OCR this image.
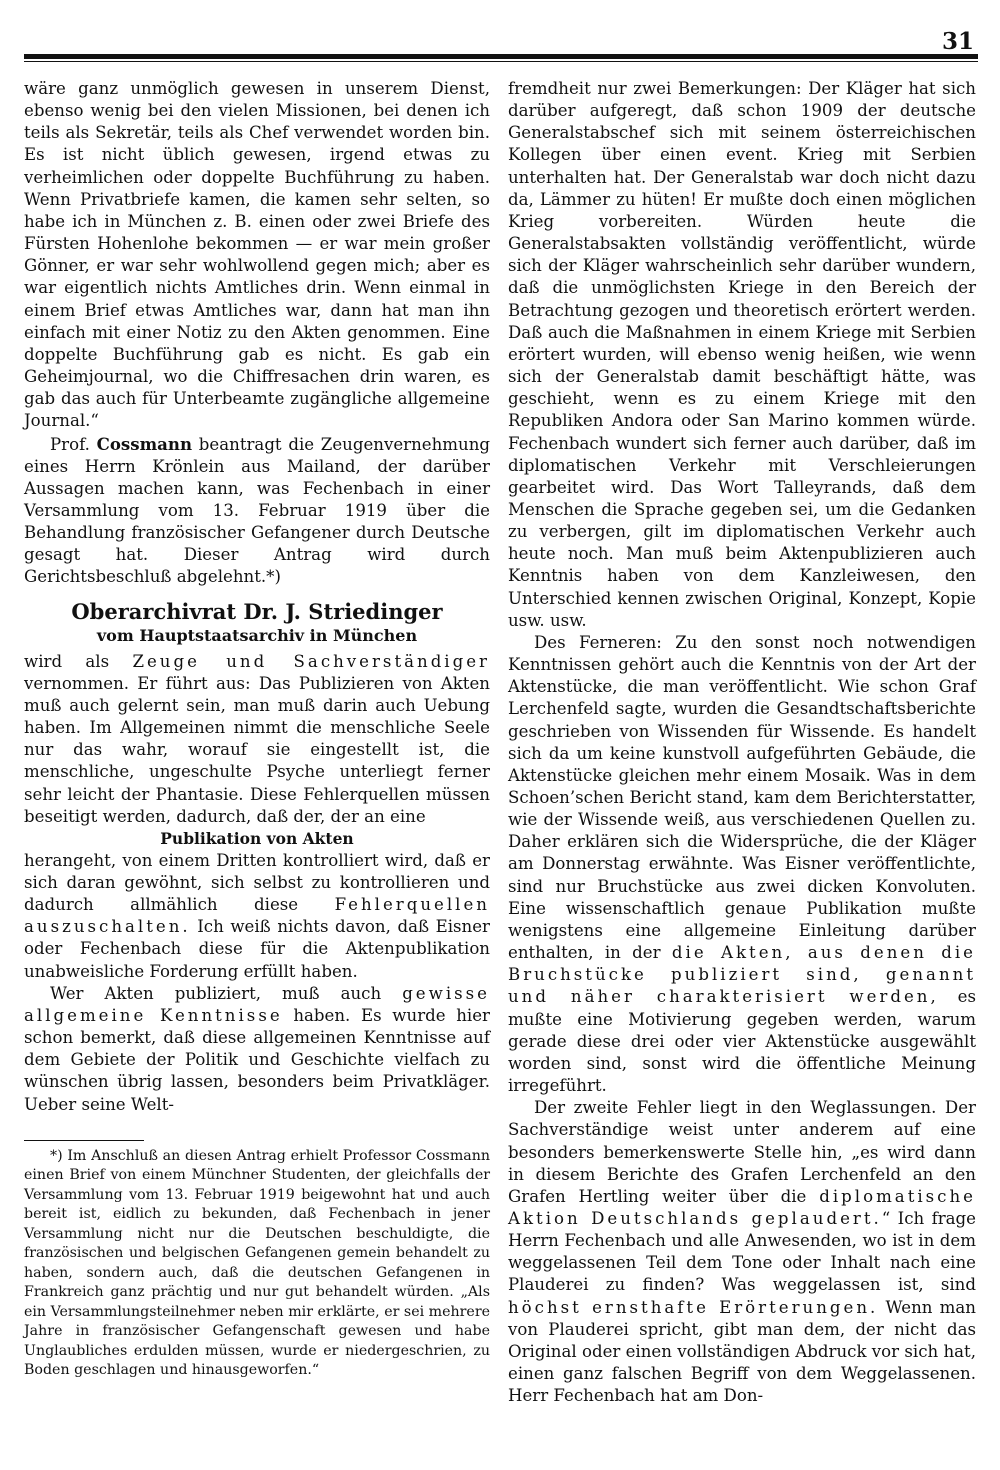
31

wäre ganz unmöglich gewesen in unserem Dienst, ebenso wenig bei den vielen Missionen, bei denen ich teils als Sekretär, teils als Chef verwendet worden bin. Es ist nicht üblich gewesen, irgend etwas zu verheimlichen oder doppelte Buchführung zu haben. Wenn Privatbriefe kamen, die kamen sehr selten, so habe ich in München z. B. einen oder zwei Briefe des Fürsten Hohenlohe bekommen — er war mein großer Gönner, er war sehr wohlwollend gegen mich; aber es war eigentlich nichts Amtliches drin. Wenn einmal in einem Brief etwas Amtliches war, dann hat man ihn einfach mit einer Notiz zu den Akten genommen. Eine doppelte Buchführung gab es nicht. Es gab ein Geheimjournal, wo die Chiffresachen drin waren, es gab das auch für Unterbeamte zugängliche allgemeine Journal.“

Prof. Cossmann beantragt die Zeugenvernehmung eines Herrn Krönlein aus Mailand, der darüber Aussagen machen kann, was Fechenbach in einer Versammlung vom 13. Februar 1919 über die Behandlung französischer Gefangener durch Deutsche gesagt hat. Dieser Antrag wird durch Gerichtsbeschluß abgelehnt.*)

Oberarchivrat Dr. J. Striedinger
vom Hauptstaatsarchiv in München

wird als Zeuge und Sachverständiger vernommen. Er führt aus: Das Publizieren von Akten muß auch gelernt sein, man muß darin auch Uebung haben. Im Allgemeinen nimmt die menschliche Seele nur das wahr, worauf sie eingestellt ist, die menschliche, ungeschulte Psyche unterliegt ferner sehr leicht der Phantasie. Diese Fehlerquellen müssen beseitigt werden, dadurch, daß der, der an eine

Publikation von Akten

herangeht, von einem Dritten kontrolliert wird, daß er sich daran gewöhnt, sich selbst zu kontrollieren und dadurch allmählich diese Fehlerquellen auszuschalten. Ich weiß nichts davon, daß Eisner oder Fechenbach diese für die Aktenpublikation unabweisliche Forderung erfüllt haben.

Wer Akten publiziert, muß auch gewisse allgemeine Kenntnisse haben. Es wurde hier schon bemerkt, daß diese allgemeinen Kenntnisse auf dem Gebiete der Politik und Geschichte vielfach zu wünschen übrig lassen, besonders beim Privatkläger. Ueber seine Welt-

*) Im Anschluß an diesen Antrag erhielt Professor Cossmann einen Brief von einem Münchner Studenten, der gleichfalls der Versammlung vom 13. Februar 1919 beigewohnt hat und auch bereit ist, eidlich zu bekunden, daß Fechenbach in jener Versammlung nicht nur die Deutschen beschuldigte, die französischen und belgischen Gefangenen gemein behandelt zu haben, sondern auch, daß die deutschen Gefangenen in Frankreich ganz prächtig und nur gut behandelt würden. „Als ein Versammlungsteilnehmer neben mir erklärte, er sei mehrere Jahre in französischer Gefangenschaft gewesen und habe Unglaubliches erdulden müssen, wurde er niedergeschrien, zu Boden geschlagen und hinausgeworfen.“

fremdheit nur zwei Bemerkungen: Der Kläger hat sich darüber aufgeregt, daß schon 1909 der deutsche Generalstabschef sich mit seinem österreichischen Kollegen über einen event. Krieg mit Serbien unterhalten hat. Der Generalstab war doch nicht dazu da, Lämmer zu hüten! Er mußte doch einen möglichen Krieg vorbereiten. Würden heute die Generalstabsakten vollständig veröffentlicht, würde sich der Kläger wahrscheinlich sehr darüber wundern, daß die unmöglichsten Kriege in den Bereich der Betrachtung gezogen und theoretisch erörtert werden. Daß auch die Maßnahmen in einem Kriege mit Serbien erörtert wurden, will ebenso wenig heißen, wie wenn sich der Generalstab damit beschäftigt hätte, was geschieht, wenn es zu einem Kriege mit den Republiken Andora oder San Marino kommen würde. Fechenbach wundert sich ferner auch darüber, daß im diplomatischen Verkehr mit Verschleierungen gearbeitet wird. Das Wort Talleyrands, daß dem Menschen die Sprache gegeben sei, um die Gedanken zu verbergen, gilt im diplomatischen Verkehr auch heute noch. Man muß beim Aktenpublizieren auch Kenntnis haben von dem Kanzleiwesen, den Unterschied kennen zwischen Original, Konzept, Kopie usw. usw.

Des Ferneren: Zu den sonst noch notwendigen Kenntnissen gehört auch die Kenntnis von der Art der Aktenstücke, die man veröffentlicht. Wie schon Graf Lerchenfeld sagte, wurden die Gesandtschaftsberichte geschrieben von Wissenden für Wissende. Es handelt sich da um keine kunstvoll aufgeführten Gebäude, die Aktenstücke gleichen mehr einem Mosaik. Was in dem Schoen’schen Bericht stand, kam dem Berichterstatter, wie der Wissende weiß, aus verschiedenen Quellen zu. Daher erklären sich die Widersprüche, die der Kläger am Donnerstag erwähnte. Was Eisner veröffentlichte, sind nur Bruchstücke aus zwei dicken Konvoluten. Eine wissenschaftlich genaue Publikation mußte wenigstens eine allgemeine Einleitung darüber enthalten, in der die Akten, aus denen die Bruchstücke publiziert sind, genannt und näher charakterisiert werden, es mußte eine Motivierung gegeben werden, warum gerade diese drei oder vier Aktenstücke ausgewählt worden sind, sonst wird die öffentliche Meinung irregeführt.

Der zweite Fehler liegt in den Weglassungen. Der Sachverständige weist unter anderem auf eine besonders bemerkenswerte Stelle hin, „es wird dann in diesem Berichte des Grafen Lerchenfeld an den Grafen Hertling weiter über die diplomatische Aktion Deutschlands geplaudert.“ Ich frage Herrn Fechenbach und alle Anwesenden, wo ist in dem weggelassenen Teil dem Tone oder Inhalt nach eine Plauderei zu finden? Was weggelassen ist, sind höchst ernsthafte Erörterungen. Wenn man von Plauderei spricht, gibt man dem, der nicht das Original oder einen vollständigen Abdruck vor sich hat, einen ganz falschen Begriff von dem Weggelassenen. Herr Fechenbach hat am Don-
